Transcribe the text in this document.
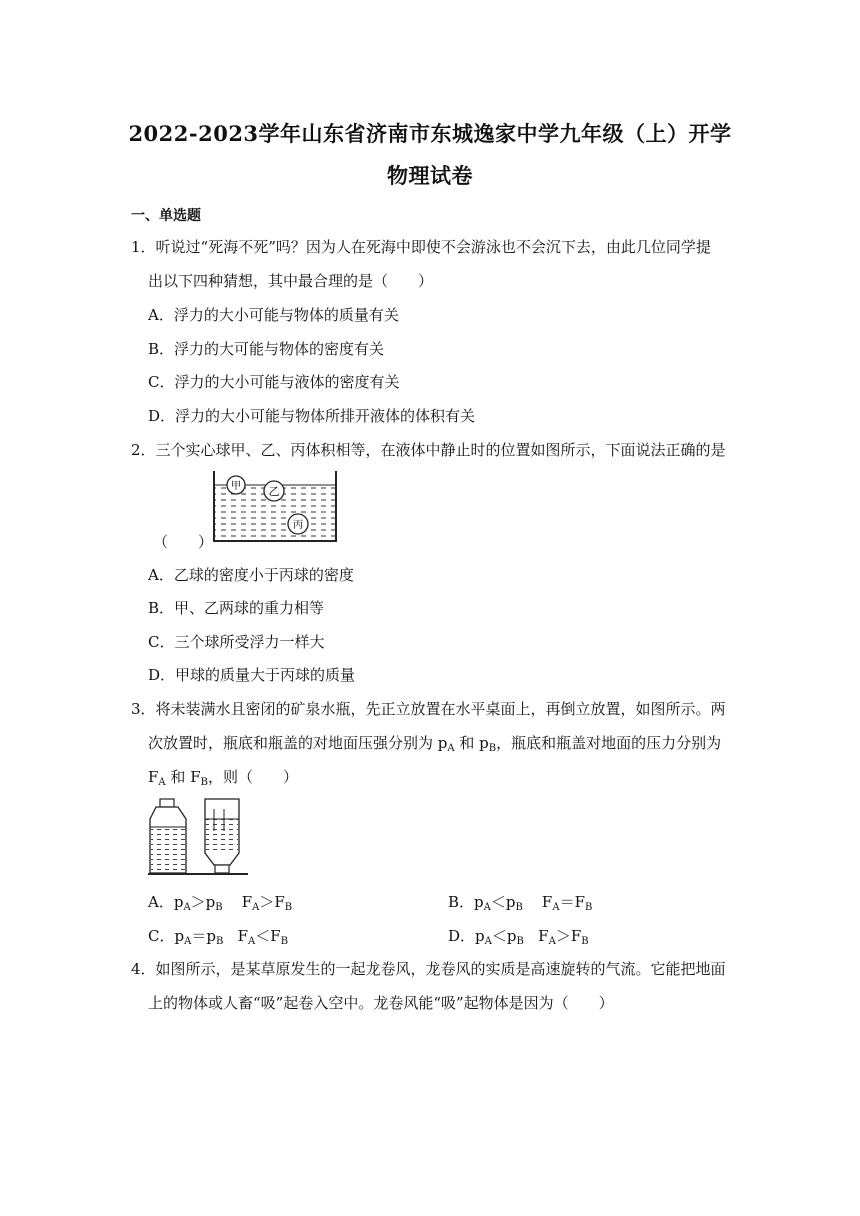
2022-2023学年山东省济南市东城逸家中学九年级（上）开学
物理试卷
一、单选题
1．听说过“死海不死”吗？因为人在死海中即使不会游泳也不会沉下去，由此几位同学提
出以下四种猜想，其中最合理的是（　　）
A．浮力的大小可能与物体的质量有关
B．浮力的大可能与物体的密度有关
C．浮力的大小可能与液体的密度有关
D．浮力的大小可能与物体所排开液体的体积有关
2．三个实心球甲、乙、丙体积相等，在液体中静止时的位置如图所示，下面说法正确的是
甲	乙
丙
（　　）
A．乙球的密度小于丙球的密度
B．甲、乙两球的重力相等
C．三个球所受浮力一样大
D．甲球的质量大于丙球的质量
3．将未装满水且密闭的矿泉水瓶，先正立放置在水平桌面上，再倒立放置，如图所示。两
次放置时，瓶底和瓶盖的对地面压强分别为 $p_A$ 和 $p_B$，瓶底和瓶盖对地面的压力分别为
$F_A$ 和 $F_B$，则（　　）
A．$p_A>p_B$ $F_A>F_B$	B．$p_A<p_B$ $F_A=F_B$
C．$p_A=p_B$ $F_A<F_B$	D．$p_A<p_B$ $F_A>F_B$
4．如图所示，是某草原发生的一起龙卷风，龙卷风的实质是高速旋转的气流。它能把地面
上的物体或人畜“吸”起卷入空中。龙卷风能“吸”起物体是因为（　　）
